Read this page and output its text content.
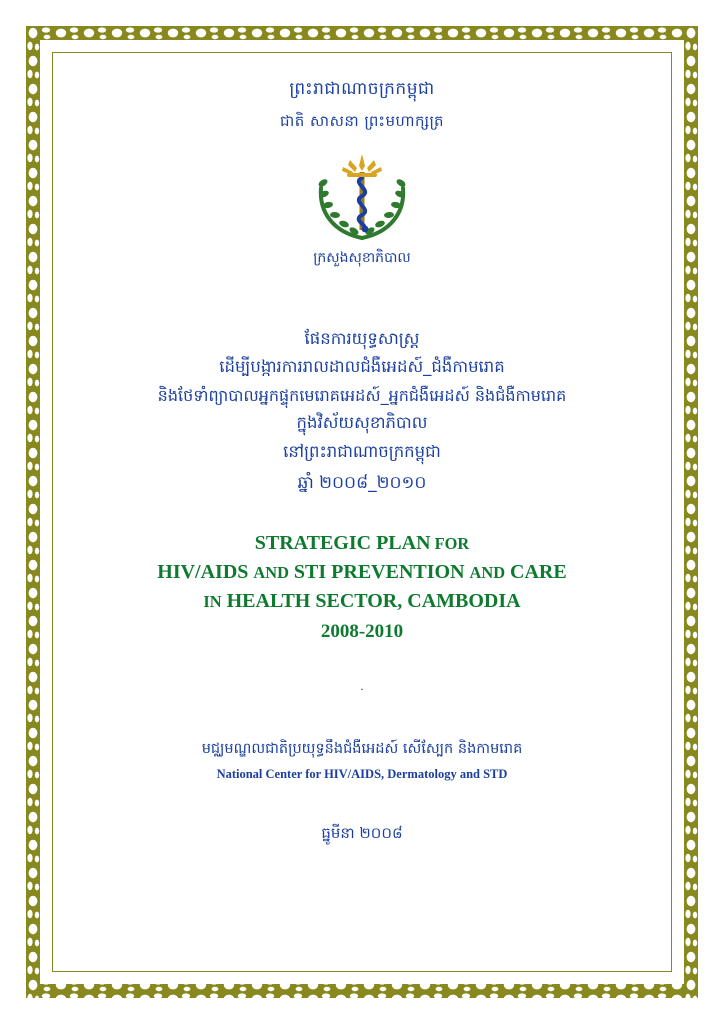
ព្រះរាជាណាចក្រកម្ពុជា
ជាតិ សាសនា ព្រះមហាក្សត្រ
ក្រសួងសុខាភិបាល
ផែនការយុទ្ធសាស្ត្រ
ដើម្បីបង្ការការរាលដាលជំងឺអេដស៍_ជំងឺកាមរោគ
និងថែទាំព្យាបាលអ្នកផ្ទុកមេរោគអេដស៍_អ្នកជំងឺអេដស៍ និងជំងឺកាមរោគ
ក្នុងវិស័យសុខាភិបាល
នៅព្រះរាជាណាចក្រកម្ពុជា
ឆ្នាំ ២០០៨_២០១០
STRATEGIC PLAN FOR
HIV/AIDS AND STI PREVENTION AND CARE
IN HEALTH SECTOR, CAMBODIA
2008-2010
.
មជ្ឈមណ្ឌលជាតិប្រយុទ្ធនឹងជំងឺអេដស៍ សើស្បែក និងកាមរោគ
National Center for HIV/AIDS, Dermatology and STD
ធ្នូមីនា ២០០៨
